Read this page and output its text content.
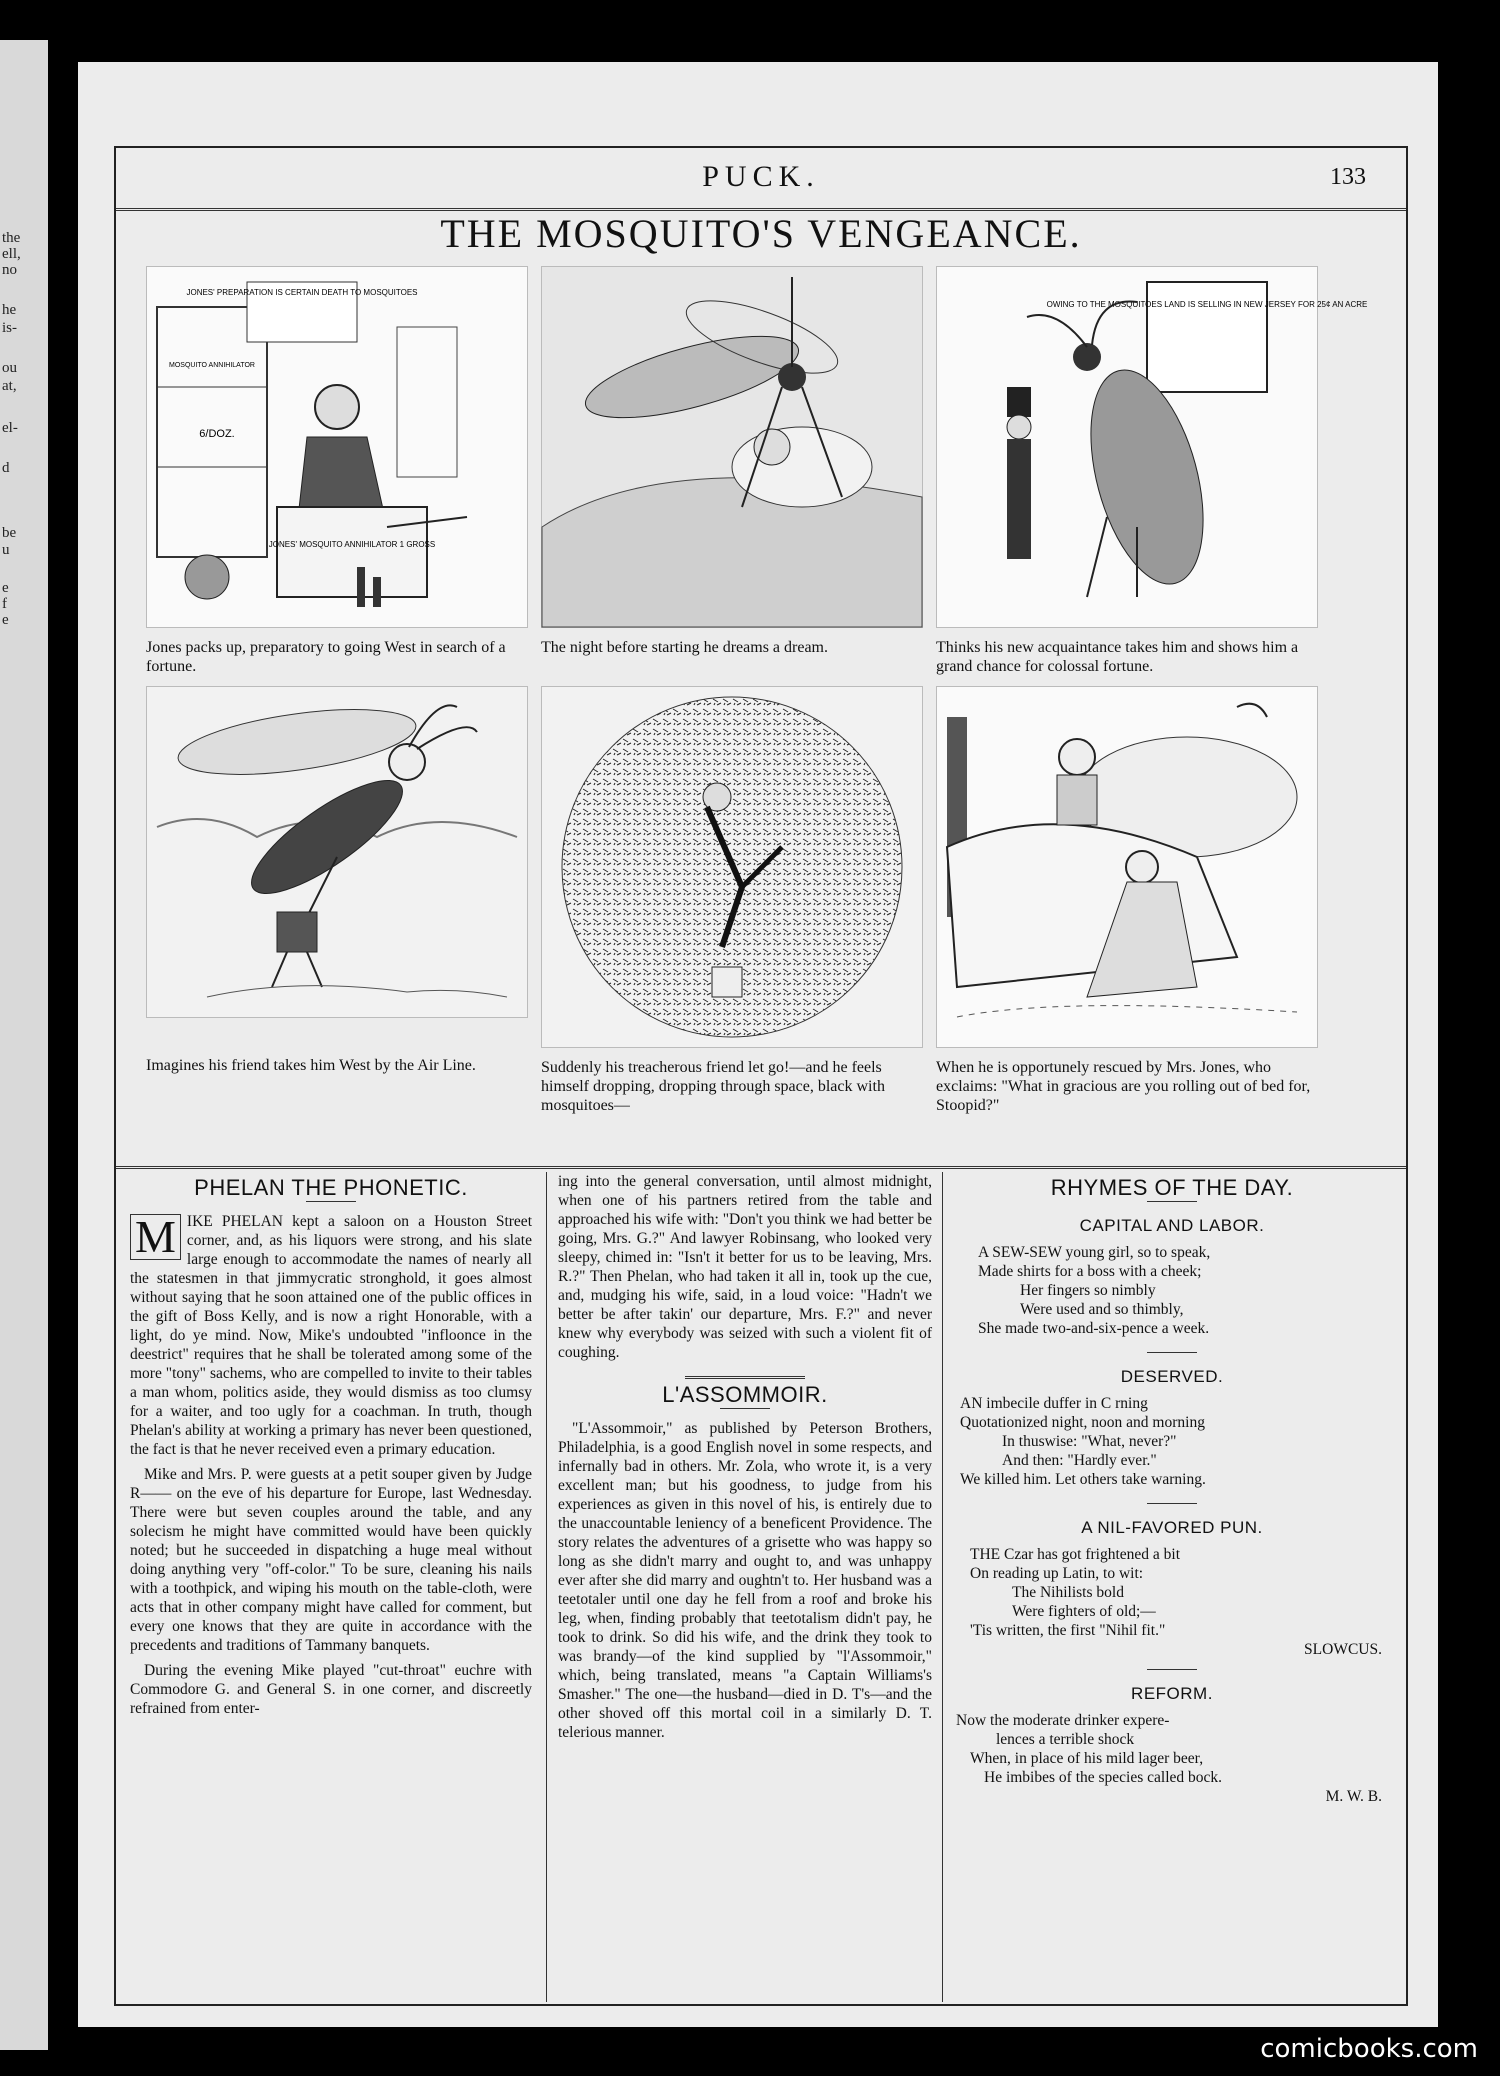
the
ell,
no
he
is-
ou
at,
el-
d
be
u
e
f
e
PUCK.	133
THE MOSQUITO'S VENGEANCE.
JONES' PREPARATION IS CERTAIN DEATH TO MOSQUITOES
MOSQUITO ANNIHILATOR
6/DOZ.
JONES' MOSQUITO ANNIHILATOR 1 GROSS
Jones packs up, preparatory to going West in search of a fortune.
The night before starting he dreams a dream.
OWING TO THE MOSQUITOES LAND IS SELLING IN NEW JERSEY FOR 25¢ AN ACRE
Thinks his new acquaintance takes him and shows him a grand chance for colossal fortune.
Imagines his friend takes him West by the Air Line.	Suddenly his treacherous friend let go!—and he feels himself dropping, dropping through space, black with mosquitoes—
When he is opportunely rescued by Mrs. Jones, who exclaims: "What in gracious are you rolling out of bed for, Stoopid?"
PHELAN THE PHONETIC.

M IKE PHELAN kept a saloon on a Houston Street corner, and, as his liquors were strong, and his slate large enough to accommodate the names of nearly all the statesmen in that jimmycratic stronghold, it goes almost without saying that he soon attained one of the public offices in the gift of Boss Kelly, and is now a right Honorable, with a light, do ye mind. Now, Mike's undoubted "infloonce in the deestrict" requires that he shall be tolerated among some of the more "tony" sachems, who are compelled to invite to their tables a man whom, politics aside, they would dismiss as too clumsy for a waiter, and too ugly for a coachman. In truth, though Phelan's ability at working a primary has never been questioned, the fact is that he never received even a primary education.

Mike and Mrs. P. were guests at a petit souper given by Judge R—— on the eve of his departure for Europe, last Wednesday. There were but seven couples around the table, and any solecism he might have committed would have been quickly noted; but he succeeded in dispatching a huge meal without doing anything very "off-color." To be sure, cleaning his nails with a toothpick, and wiping his mouth on the table-cloth, were acts that in other company might have called for comment, but every one knows that they are quite in accordance with the precedents and traditions of Tammany banquets.

During the evening Mike played "cut-throat" euchre with Commodore G. and General S. in one corner, and discreetly refrained from enter-

ing into the general conversation, until almost midnight, when one of his partners retired from the table and approached his wife with: "Don't you think we had better be going, Mrs. G.?" And lawyer Robinsang, who looked very sleepy, chimed in: "Isn't it better for us to be leaving, Mrs. R.?" Then Phelan, who had taken it all in, took up the cue, and, mudging his wife, said, in a loud voice: "Hadn't we better be after takin' our departure, Mrs. F.?" and never knew why everybody was seized with such a violent fit of coughing.

L'ASSOMMOIR.

"L'Assommoir," as published by Peterson Brothers, Philadelphia, is a good English novel in some respects, and infernally bad in others. Mr. Zola, who wrote it, is a very excellent man; but his goodness, to judge from his experiences as given in this novel of his, is entirely due to the unaccountable leniency of a beneficent Providence. The story relates the adventures of a grisette who was happy so long as she didn't marry and ought to, and was unhappy ever after she did marry and oughtn't to. Her husband was a teetotaler until one day he fell from a roof and broke his leg, when, finding probably that teetotalism didn't pay, he took to drink. So did his wife, and the drink they took to was brandy—of the kind supplied by "l'Assommoir," which, being translated, means "a Captain Williams's Smasher." The one—the husband—died in D. T's—and the other shoved off this mortal coil in a similarly D. T. telerious manner.

RHYMES OF THE DAY.
CAPITAL AND LABOR.
A SEW-SEW young girl, so to speak,
Made shirts for a boss with a cheek;
Her fingers so nimbly
Were used and so thimbly,
She made two-and-six-pence a week.
DESERVED.
AN imbecile duffer in C rning
Quotationized night, noon and morning
In thuswise: "What, never?"
And then: "Hardly ever."
We killed him. Let others take warning.
A NIL-FAVORED PUN.
THE Czar has got frightened a bit
On reading up Latin, to wit:
The Nihilists bold
Were fighters of old;—
'Tis written, the first "Nihil fit."
SLOWCUS.
REFORM.
Now the moderate drinker expere-
lences a terrible shock
When, in place of his mild lager beer,
He imbibes of the species called bock.
M. W. B.
comicbooks.com
